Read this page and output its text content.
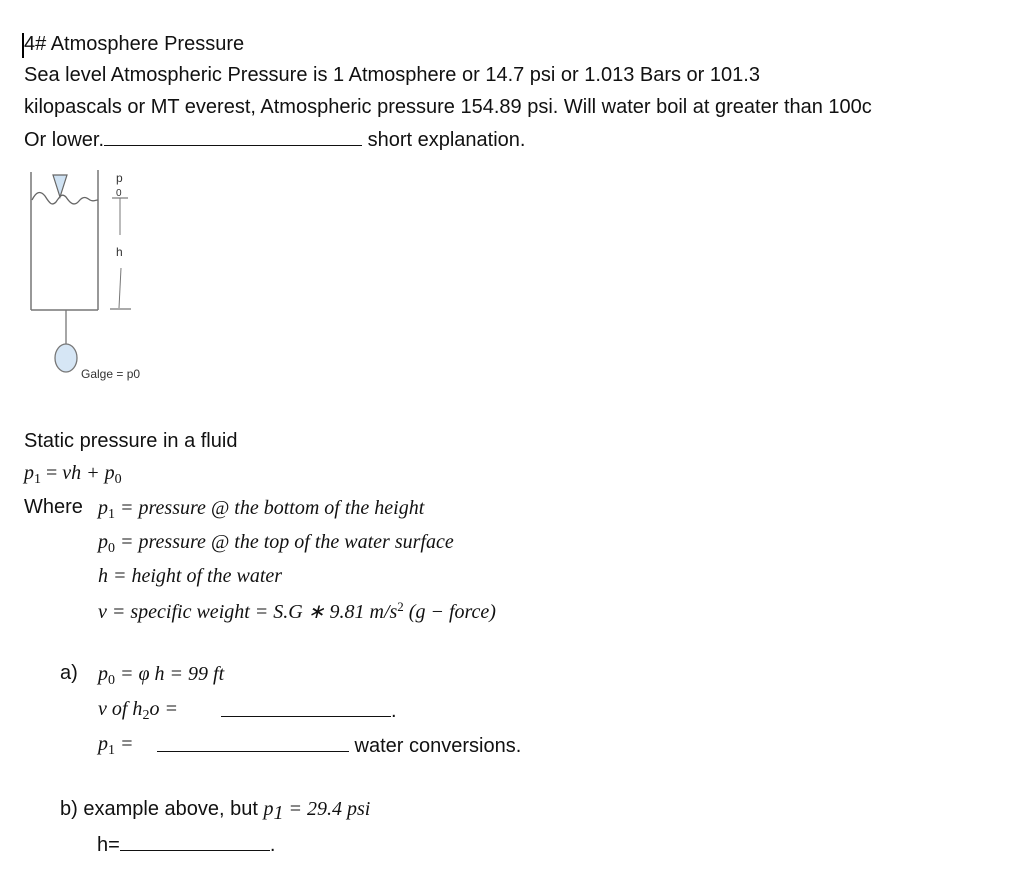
4# Atmosphere Pressure
Sea level Atmospheric Pressure is 1 Atmosphere or 14.7 psi or 1.013 Bars or 101.3
kilopascals or MT everest, Atmospheric pressure 154.89 psi. Will water boil at greater than 100c
Or lower.	short explanation.
p
0
h
Galge = p0
Static pressure in a fluid
$p_1$ = vh + $p_0$
Where $p_1$ = pressure @ the bottom of the height
$p_0$ = pressure @ the top of the water surface
h = height of the water
v = specific weight = S.G ∗ 9.81 $m/s^2$ (g − force)
a) $p_0 = \varphi$ h = 99 ft
ν of $h_2o$ =	.
$p_1$ =	water conversions.
b) example above, but $p_1 = 29.4$ psi
h=	.
